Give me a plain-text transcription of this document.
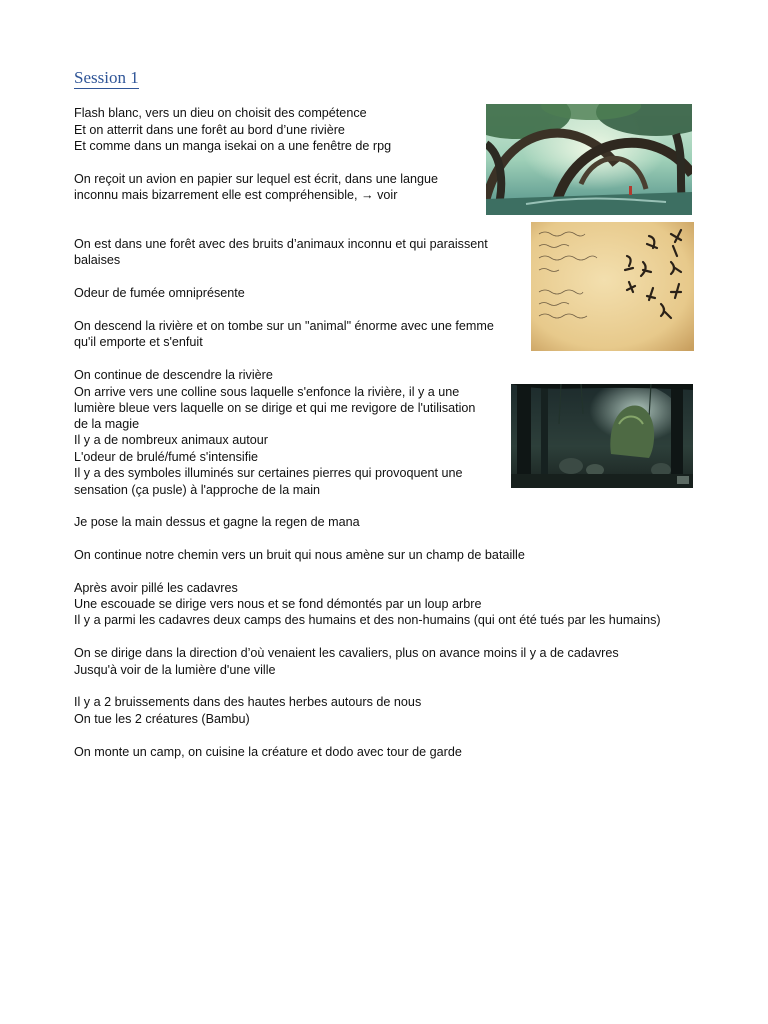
Session 1

Flash blanc, vers un dieu on choisit des compétence

Et on atterrit dans une forêt au bord d’une rivière

Et comme dans un manga isekai on a une fenêtre de rpg

On reçoit un avion en papier sur lequel est écrit, dans une langue

inconnu mais bizarrement elle est compréhensible, → voir

On est dans une forêt avec des bruits d’animaux inconnu et qui paraissent

balaises

Odeur de fumée omniprésente

On descend la rivière et on tombe sur un "animal" énorme avec une femme

qu'il emporte et s'enfuit

On continue de descendre la rivière

On arrive vers une colline sous laquelle s'enfonce la rivière, il y a une

lumière bleue vers laquelle on se dirige et qui me revigore de l'utilisation

de la magie

Il y a de nombreux animaux autour

L'odeur de brulé/fumé s'intensifie

Il y a des symboles illuminés sur certaines pierres qui provoquent une

sensation (ça pusle) à l'approche de la main

Je pose la main dessus et gagne la regen de mana

On continue notre chemin vers un bruit qui nous amène sur un champ de bataille

Après avoir pillé les cadavres

Une escouade se dirige vers nous et se fond démontés par un loup arbre

Il y a parmi les cadavres deux camps des humains et des non-humains (qui ont été tués par les humains)

On se dirige dans la direction d’où venaient les cavaliers, plus on avance moins il y a de cadavres

Jusqu'à voir de la lumière d'une ville

Il y a 2 bruissements dans des hautes herbes autours de nous

On tue les 2 créatures (Bambu)

On monte un camp, on cuisine la créature et dodo avec tour de garde
